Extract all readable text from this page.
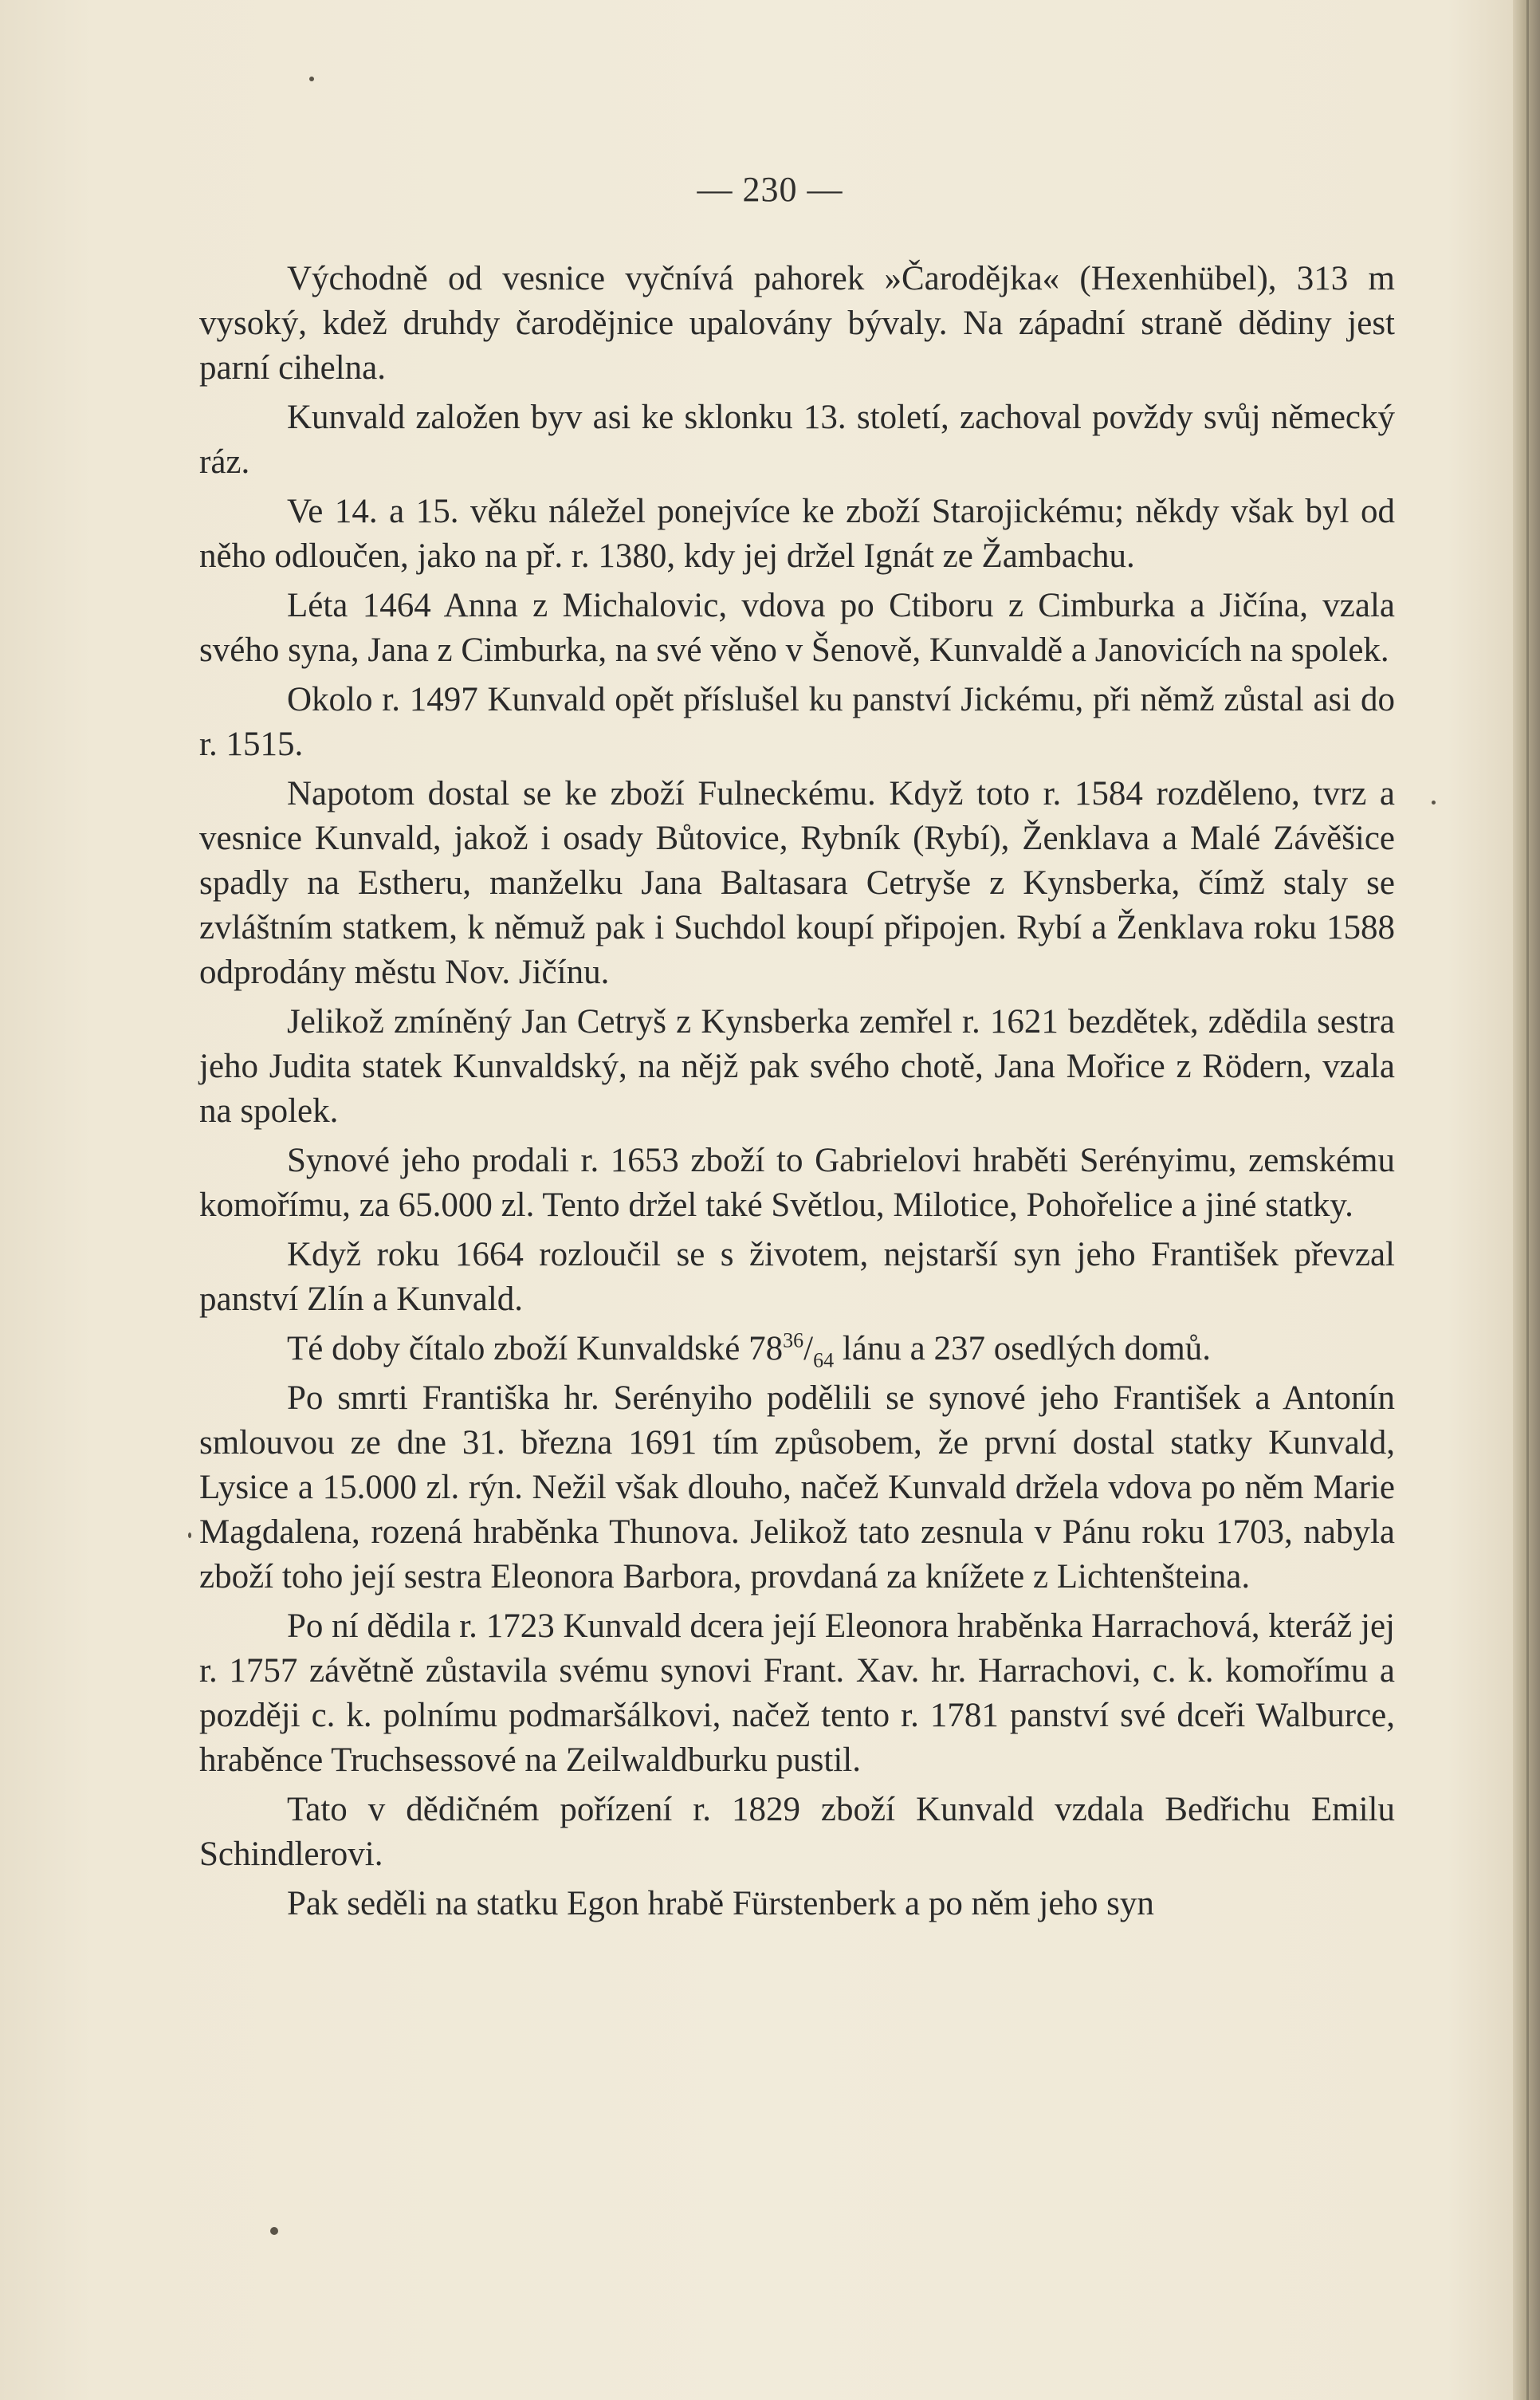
— 230 —

Východně od vesnice vyčnívá pahorek »Čarodějka« (Hexenhübel), 313 m vysoký, kdež druhdy čarodějnice upalovány bývaly. Na západní straně dědiny jest parní cihelna.

Kunvald založen byv asi ke sklonku 13. století, zachoval povždy svůj německý ráz.

Ve 14. a 15. věku náležel ponejvíce ke zboží Starojickému; někdy však byl od něho odloučen, jako na př. r. 1380, kdy jej držel Ignát ze Žambachu.

Léta 1464 Anna z Michalovic, vdova po Ctiboru z Cimburka a Jičína, vzala svého syna, Jana z Cimburka, na své věno v Šenově, Kunvaldě a Janovicích na spolek.

Okolo r. 1497 Kunvald opět příslušel ku panství Jickému, při němž zůstal asi do r. 1515.

Napotom dostal se ke zboží Fulneckému. Když toto r. 1584 rozděleno, tvrz a vesnice Kunvald, jakož i osady Bůtovice, Rybník (Rybí), Ženklava a Malé Závěšice spadly na Estheru, manželku Jana Baltasara Cetryše z Kynsberka, čímž staly se zvláštním statkem, k němuž pak i Suchdol koupí připojen. Rybí a Ženklava roku 1588 odprodány městu Nov. Jičínu.

Jelikož zmíněný Jan Cetryš z Kynsberka zemřel r. 1621 bezdětek, zdědila sestra jeho Judita statek Kunvaldský, na nějž pak svého chotě, Jana Mořice z Rödern, vzala na spolek.

Synové jeho prodali r. 1653 zboží to Gabrielovi hraběti Serényimu, zemskému komořímu, za 65.000 zl. Tento držel také Světlou, Milotice, Pohořelice a jiné statky.

Když roku 1664 rozloučil se s životem, nejstarší syn jeho František převzal panství Zlín a Kunvald.

Té doby čítalo zboží Kunvaldské $78^{36}/_{64}$ lánu a 237 osedlých domů.

Po smrti Františka hr. Serényiho podělili se synové jeho František a Antonín smlouvou ze dne 31. března 1691 tím způsobem, že první dostal statky Kunvald, Lysice a 15.000 zl. rýn. Nežil však dlouho, načež Kunvald držela vdova po něm Marie Magdalena, rozená hraběnka Thunova. Jelikož tato zesnula v Pánu roku 1703, nabyla zboží toho její sestra Eleonora Barbora, provdaná za knížete z Lichtenšteina.

Po ní dědila r. 1723 Kunvald dcera její Eleonora hraběnka Harrachová, kteráž jej r. 1757 závětně zůstavila svému synovi Frant. Xav. hr. Harrachovi, c. k. komořímu a později c. k. polnímu podmaršálkovi, načež tento r. 1781 panství své dceři Walburce, hraběnce Truchsessové na Zeilwaldburku pustil.

Tato v dědičném pořízení r. 1829 zboží Kunvald vzdala Bedřichu Emilu Schindlerovi.

Pak seděli na statku Egon hrabě Fürstenberk a po něm jeho syn
